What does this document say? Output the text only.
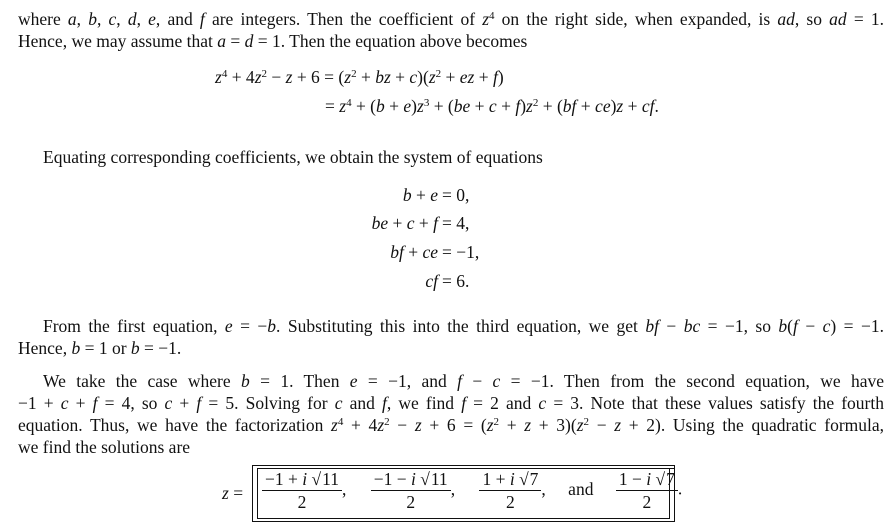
where a, b, c, d, e, and f are integers. Then the coefficient of $z^4$ on the right side, when expanded, is ad, so ad = 1.
Hence, we may assume that a = d = 1. Then the equation above becomes
$z^4 + 4z^2 - z + 6 = (z^2$ + bz + $c)(z^2$ + ez + f)
= $z^4 + (b + e)z^3 + (be + c + f)z^2 + (bf + ce)z$ + cf.
Equating corresponding coefficients, we obtain the system of equations
b + e = 0,
be + c + f = 4,
bf + ce = −1,
cf = 6.
From the first equation, e = −b. Substituting this into the third equation, we get bf − bc = −1, so b(f − c) = −1.
Hence, b = 1 or b = −1.
We take the case where b = 1. Then e = −1, and f − c = −1. Then from the second equation, we have
−1 + c + f = 4, so c + f = 5. Solving for c and f, we find f = 2 and c = 3. Note that these values satisfy the fourth
equation. Thus, we have the factorization $z^4 + 4z^2 - z + 6 = (z^2 + z + 3)(z^2 - z + 2)$. Using the quadratic formula,
we find the solutions are
$z = \frac{-1 + i √11}{2}$ , $\frac{-1 - i √11}{2}$ , $\frac{1 + i √7}{2}$ , and $\frac{1 - i √7}{2}$ .
